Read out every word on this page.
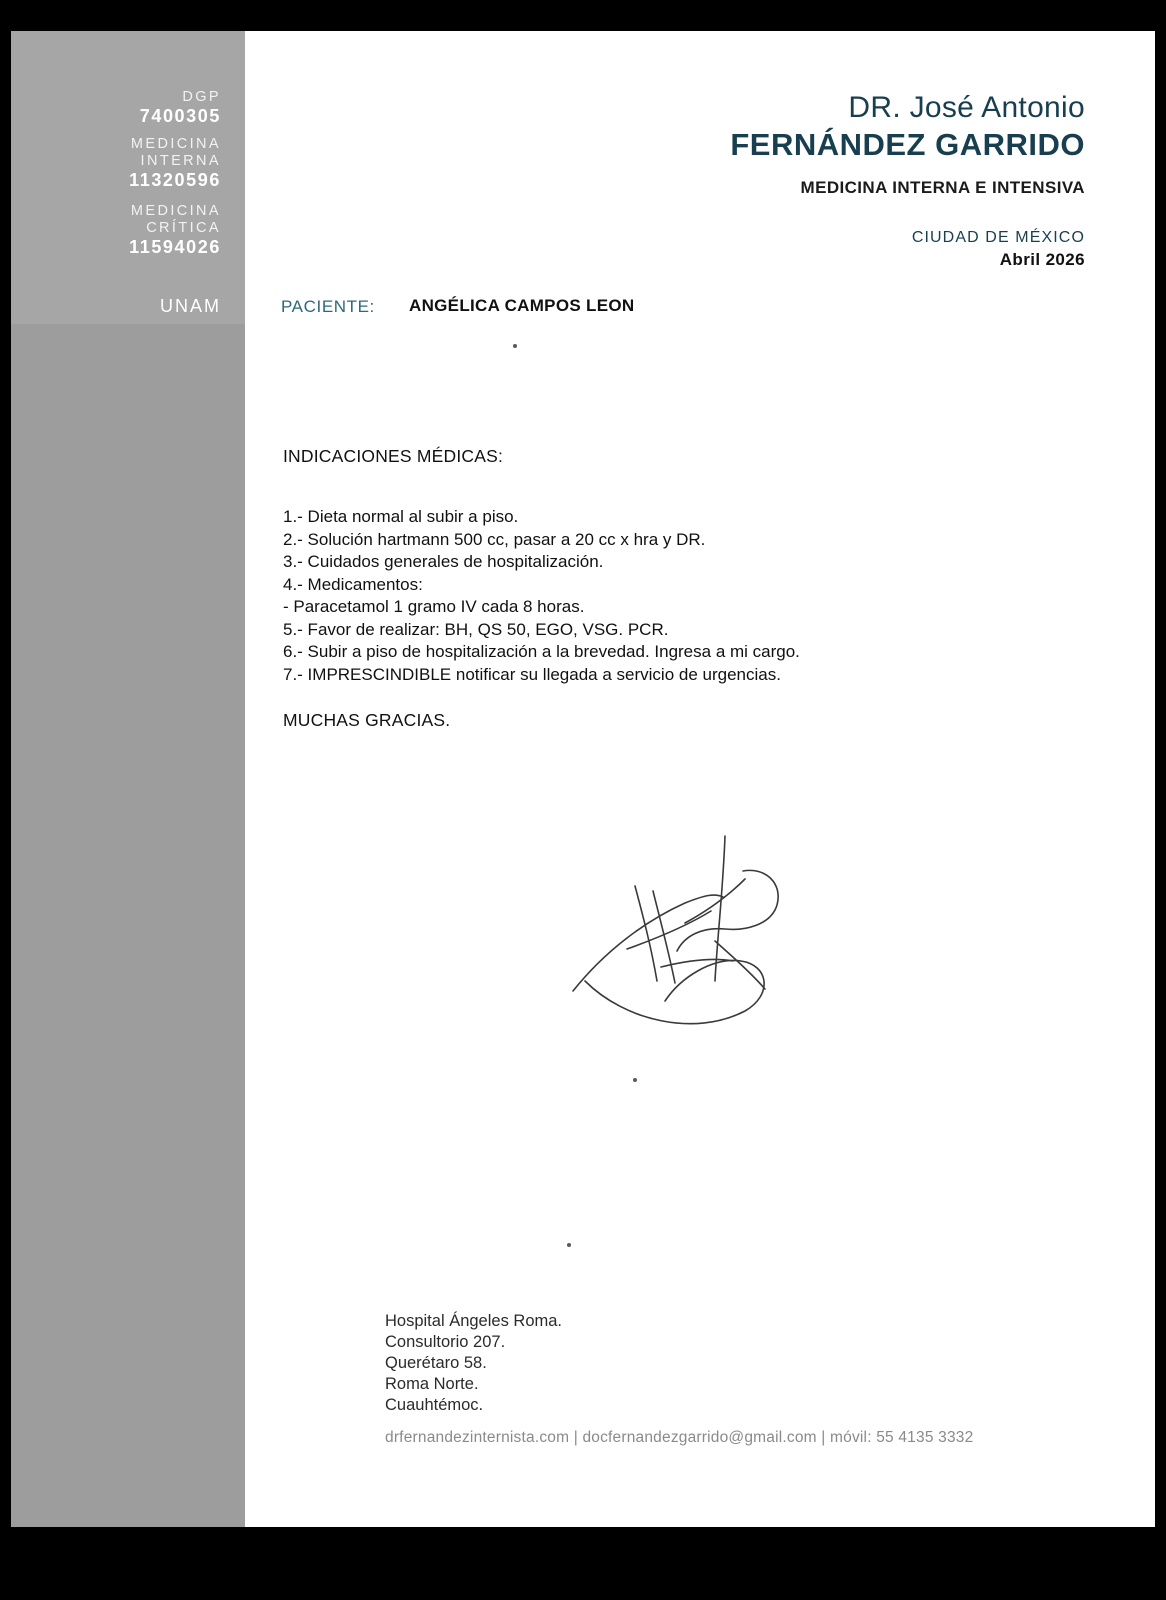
DGP
7400305
MEDICINA INTERNA
11320596
MEDICINA CRÍTICA
11594026
UNAM
DR. José Antonio
FERNÁNDEZ GARRIDO
MEDICINA INTERNA E INTENSIVA
CIUDAD DE MÉXICO
Abril 2026
PACIENTE: ANGÉLICA CAMPOS LEON
INDICACIONES MÉDICAS:
1.- Dieta normal al subir a piso.
2.- Solución hartmann 500 cc, pasar a 20 cc x hra y DR.
3.- Cuidados generales de hospitalización.
4.- Medicamentos:
- Paracetamol 1 gramo IV cada 8 horas.
5.- Favor de realizar: BH, QS 50, EGO, VSG. PCR.
6.- Subir a piso de hospitalización a la brevedad. Ingresa a mi cargo.
7.- IMPRESCINDIBLE notificar su llegada a servicio de urgencias.
MUCHAS GRACIAS.
Hospital Ángeles Roma.
Consultorio 207.
Querétaro 58.
Roma Norte.
Cuauhtémoc.
drfernandezinternista.com | docfernandezgarrido@gmail.com | móvil: 55 4135 3332
